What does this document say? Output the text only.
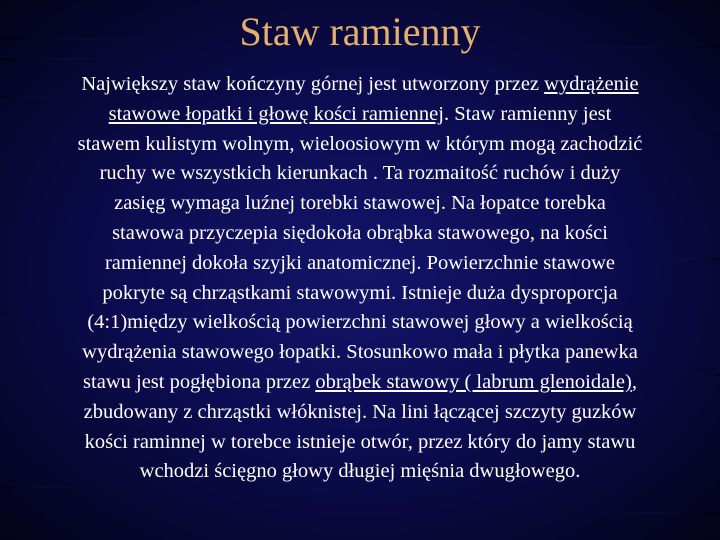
Staw ramienny

Największy staw kończyny górnej jest utworzony przez wydrążenie
stawowe łopatki i głowę kości ramiennej. Staw ramienny jest
stawem kulistym wolnym, wieloosiowym w którym mogą zachodzić
ruchy we wszystkich kierunkach . Ta rozmaitość ruchów i duży
zasięg wymaga luźnej torebki stawowej. Na łopatce torebka
stawowa przyczepia siędokoła obrąbka stawowego, na kości
ramiennej dokoła szyjki anatomicznej. Powierzchnie stawowe
pokryte są chrząstkami stawowymi. Istnieje duża dysproporcja
(4:1)między wielkością powierzchni stawowej głowy a wielkością
wydrążenia stawowego łopatki. Stosunkowo mała i płytka panewka
stawu jest pogłębiona przez obrąbek stawowy ( labrum glenoidale),
zbudowany z chrząstki włóknistej. Na lini łączącej szczyty guzków
kości raminnej w torebce istnieje otwór, przez który do jamy stawu
wchodzi ścięgno głowy długiej mięśnia dwugłowego.
